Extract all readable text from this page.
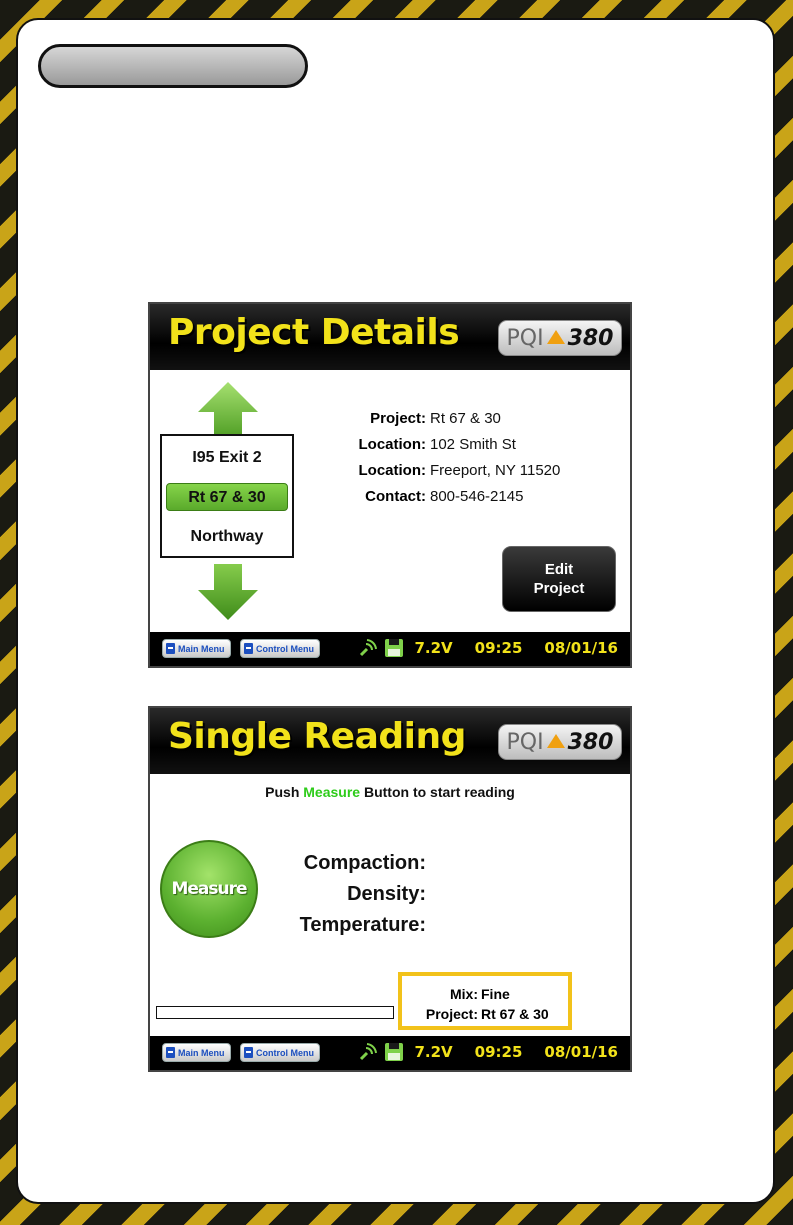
Project Details PQI 380
I95 Exit 2
Rt 67 & 30
Northway
Project: Rt 67 & 30
Location: 102 Smith St
Location: Freeport, NY 11520
Contact: 800-546-2145
Edit
Project
Main Menu	Control Menu	7.2V 09:25 08/01/16
Single Reading PQI 380
Push Measure Button to start reading
Measure
Compaction:
Density:
Temperature:
Mix: Fine
Project: Rt 67 & 30
Main Menu	Control Menu	7.2V 09:25 08/01/16
